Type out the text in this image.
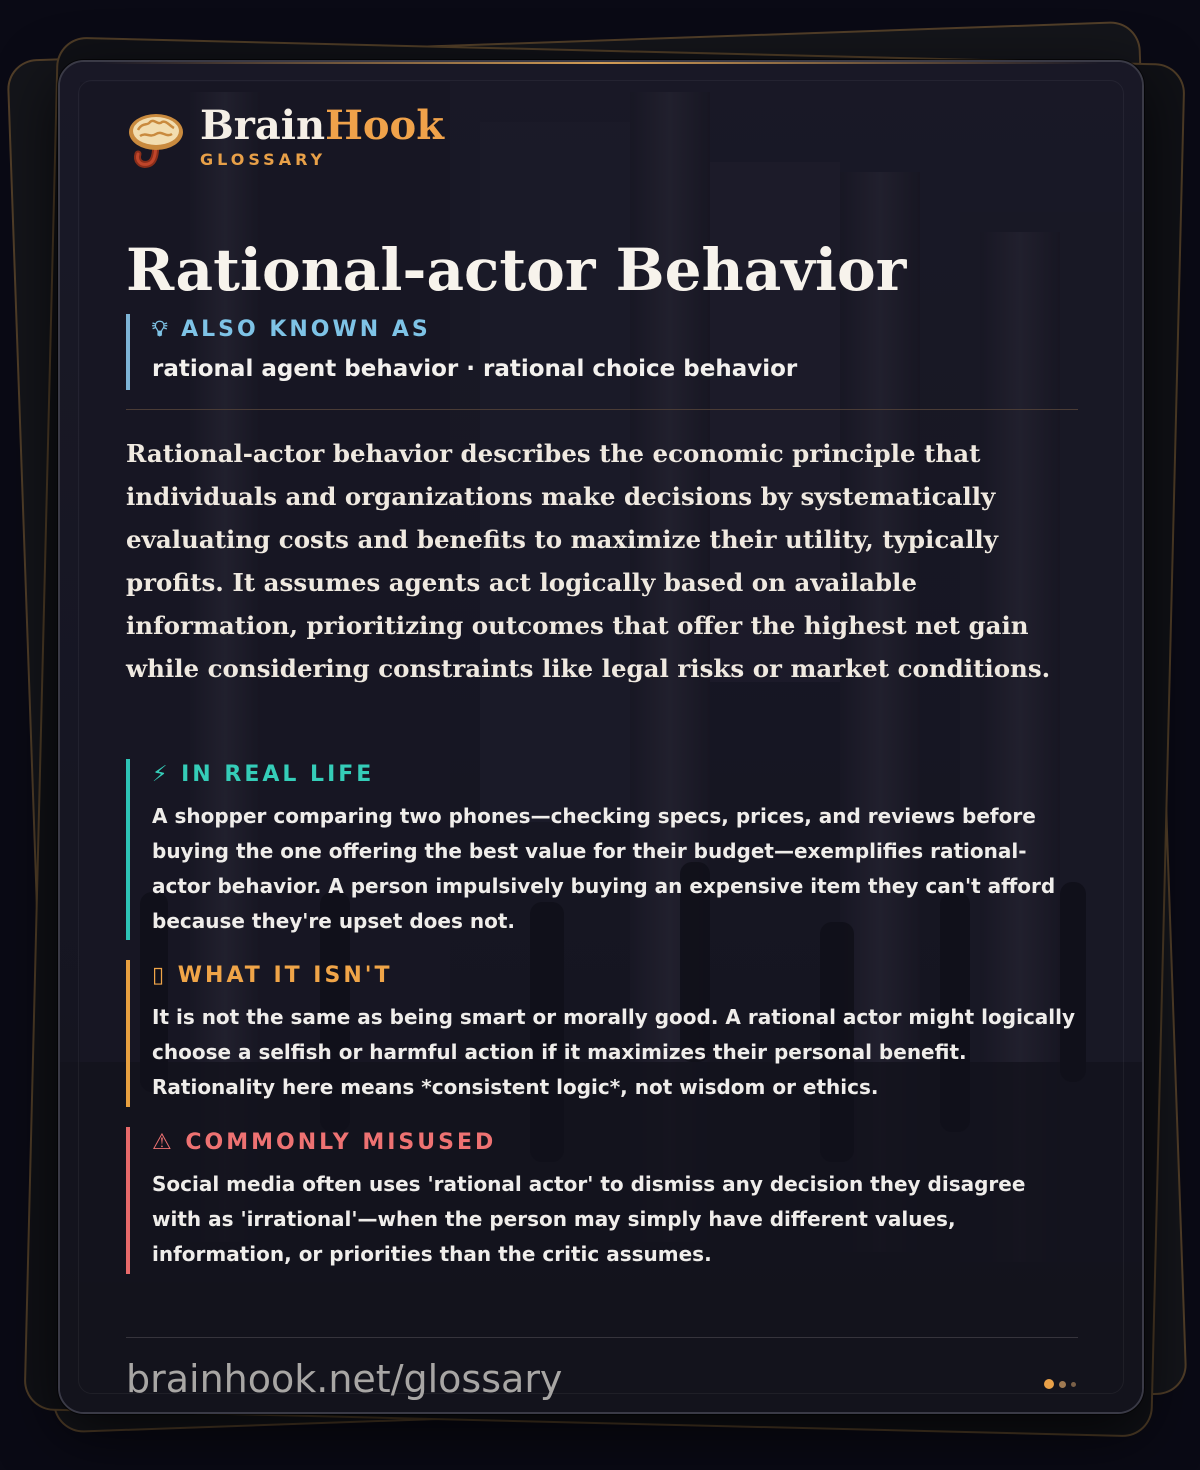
BrainHook
GLOSSARY
Rational-actor Behavior
💡︎ ALSO KNOWN AS
rational agent behavior · rational choice behavior
Rational-actor behavior describes the economic principle that individuals and organizations make decisions by systematically evaluating costs and benefits to maximize their utility, typically profits. It assumes agents act logically based on available information, prioritizing outcomes that offer the highest net gain while considering constraints like legal risks or market conditions.
⚡ IN REAL LIFE
A shopper comparing two phones—checking specs, prices, and reviews before buying the one offering the best value for their budget—exemplifies rational-actor behavior. A person impulsively buying an expensive item they can't afford because they're upset does not.
▯ WHAT IT ISN'T
It is not the same as being smart or morally good. A rational actor might logically choose a selfish or harmful action if it maximizes their personal benefit. Rationality here means *consistent logic*, not wisdom or ethics.
⚠ COMMONLY MISUSED
Social media often uses 'rational actor' to dismiss any decision they disagree with as 'irrational'—when the person may simply have different values, information, or priorities than the critic assumes.
brainhook.net/glossary
